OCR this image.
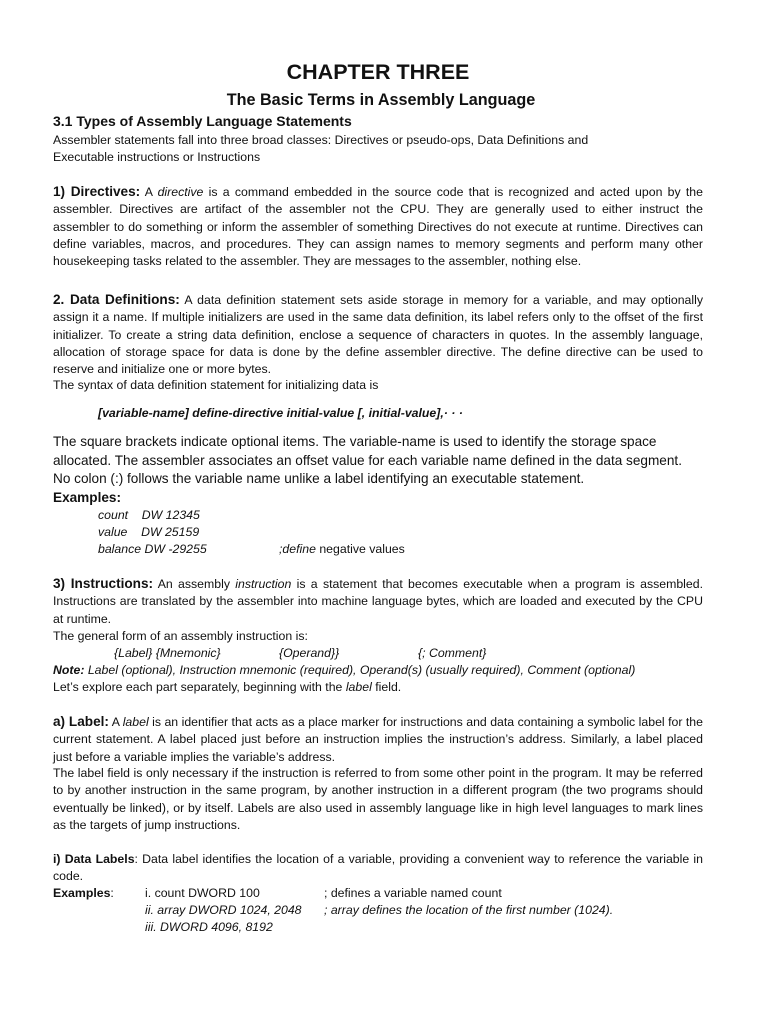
CHAPTER THREE
The Basic Terms in Assembly Language
3.1 Types of Assembly Language Statements
Assembler statements fall into three broad classes: Directives or pseudo-ops, Data Definitions and
Executable instructions or Instructions

1) Directives: A directive is a command embedded in the source code that is recognized and acted upon by the assembler. Directives are artifact of the assembler not the CPU. They are generally used to either instruct the assembler to do something or inform the assembler of something Directives do not execute at runtime. Directives can define variables, macros, and procedures. They can assign names to memory segments and perform many other housekeeping tasks related to the assembler. They are messages to the assembler, nothing else.

2. Data Definitions: A data definition statement sets aside storage in memory for a variable, and may optionally assign it a name. If multiple initializers are used in the same data definition, its label refers only to the offset of the first initializer. To create a string data definition, enclose a sequence of characters in quotes. In the assembly language, allocation of storage space for data is done by the define assembler directive. The define directive can be used to reserve and initialize one or more bytes.

The syntax of data definition statement for initializing data is
[variable-name] define-directive initial-value [, initial-value],· · ·

The square brackets indicate optional items. The variable-name is used to identify the storage space allocated. The assembler associates an offset value for each variable name defined in the data segment. No colon (:) follows the variable name unlike a label identifying an executable statement.

Examples:
count    DW 12345
value    DW 25159
balance DW -29255	;define negative values

3) Instructions: An assembly instruction is a statement that becomes executable when a program is assembled. Instructions are translated by the assembler into machine language bytes, which are loaded and executed by the CPU at runtime.

The general form of an assembly instruction is:
{Label} {Mnemonic}	{Operand}}	{; Comment}
Note: Label (optional), Instruction mnemonic (required), Operand(s) (usually required), Comment (optional)
Let’s explore each part separately, beginning with the label field.

a) Label: A label is an identifier that acts as a place marker for instructions and data containing a symbolic label for the current statement. A label placed just before an instruction implies the instruction’s address. Similarly, a label placed just before a variable implies the variable’s address.

The label field is only necessary if the instruction is referred to from some other point in the program. It may be referred to by another instruction in the same program, by another instruction in a different program (the two programs should eventually be linked), or by itself. Labels are also used in assembly language like in high level languages to mark lines as the targets of jump instructions.

i) Data Labels: Data label identifies the location of a variable, providing a convenient way to reference the variable in code.

Examples:	i. count DWORD 100	; defines a variable named count
ii. array DWORD 1024, 2048 ; array defines the location of the first number (1024).
iii. DWORD 4096, 8192
